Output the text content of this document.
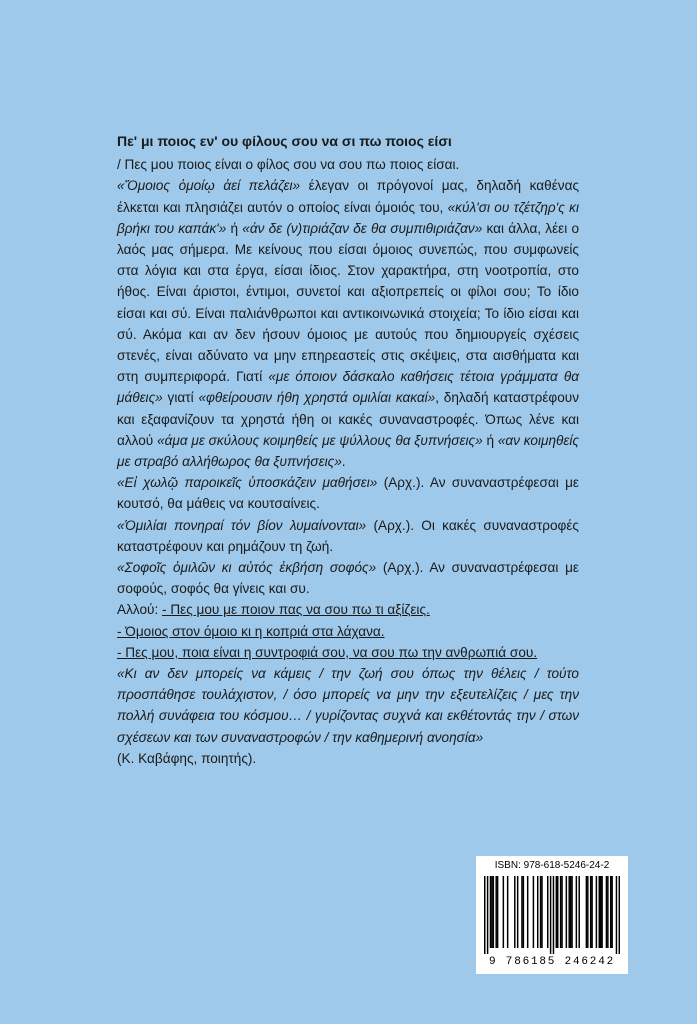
Πε' μι ποιος εν' ου φίλους σου να σι πω ποιος είσι

/ Πες μου ποιος είναι ο φίλος σου να σου πω ποιος είσαι.

«Ὅμοιος ὁμοίῳ ἀεί πελάζει» έλεγαν οι πρόγονοί μας, δηλαδή καθένας έλκεται και πλησιάζει αυτόν ο οποίος είναι όμοιός του, «κύλ'σι ου τζέτζηρ'ς κι βρήκι του καπάκ'» ή «άν δε (ν)τιριάζαν δε θα συμπιθιριάζαν» και άλλα, λέει ο λαός μας σήμερα. Με κείνους που είσαι όμοιος συνεπώς, που συμφωνείς στα λόγια και στα έργα, είσαι ίδιος. Στον χαρακτήρα, στη νοοτροπία, στο ήθος. Είναι άριστοι, έντιμοι, συνετοί και αξιοπρεπείς οι φίλοι σου; Το ίδιο είσαι και σύ. Είναι παλιάνθρωποι και αντικοινωνικά στοιχεία; Το ίδιο είσαι και σύ. Ακόμα και αν δεν ήσουν όμοιος με αυτούς που δημιουργείς σχέσεις στενές, είναι αδύνατο να μην επηρεαστείς στις σκέψεις, στα αισθήματα και στη συμπεριφορά. Γιατί «με όποιον δάσκαλο καθήσεις τέτοια γράμματα θα μάθεις» γιατί «φθείρουσιν ήθη χρηστά ομιλίαι κακαί», δηλαδή καταστρέφουν και εξαφανίζουν τα χρηστά ήθη οι κακές συναναστροφές. Όπως λένε και αλλού «άμα με σκύλους κοιμηθείς με ψύλλους θα ξυπνήσεις» ή «αν κοιμηθείς με στραβό αλλήθωρος θα ξυπνήσεις».

«Εἰ χωλῷ παροικεῖς ὑποσκάζειν μαθήσει» (Αρχ.). Αν συναναστρέφεσαι με κουτσό, θα μάθεις να κουτσαίνεις.

«Ὁμιλίαι πονηραί τόν βίον λυμαίνονται» (Αρχ.). Οι κακές συναναστροφές καταστρέφουν και ρημάζουν τη ζωή.

«Σοφοῖς ὁμιλῶν κι αὐτός ἐκβήση σοφός» (Αρχ.). Αν συναναστρέφεσαι με σοφούς, σοφός θα γίνεις και συ.

Αλλού: - Πες μου με ποιον πας να σου πω τι αξίζεις.

- Όμοιος στον όμοιο κι η κοπριά στα λάχανα.

- Πες μου, ποια είναι η συντροφιά σου, να σου πω την ανθρωπιά σου.

«Κι αν δεν μπορείς να κάμεις / την ζωή σου όπως την θέλεις / τούτο προσπάθησε τουλάχιστον, / όσο μπορείς να μην την εξευτελίζεις / μες την πολλή συνάφεια του κόσμου… / γυρίζοντας συχνά και εκθέτοντάς την / στων σχέσεων και των συναναστροφών / την καθημερινή ανοησία»

(Κ. Καβάφης, ποιητής).

ISBN: 978-618-5246-24-2
9 786185 246242
